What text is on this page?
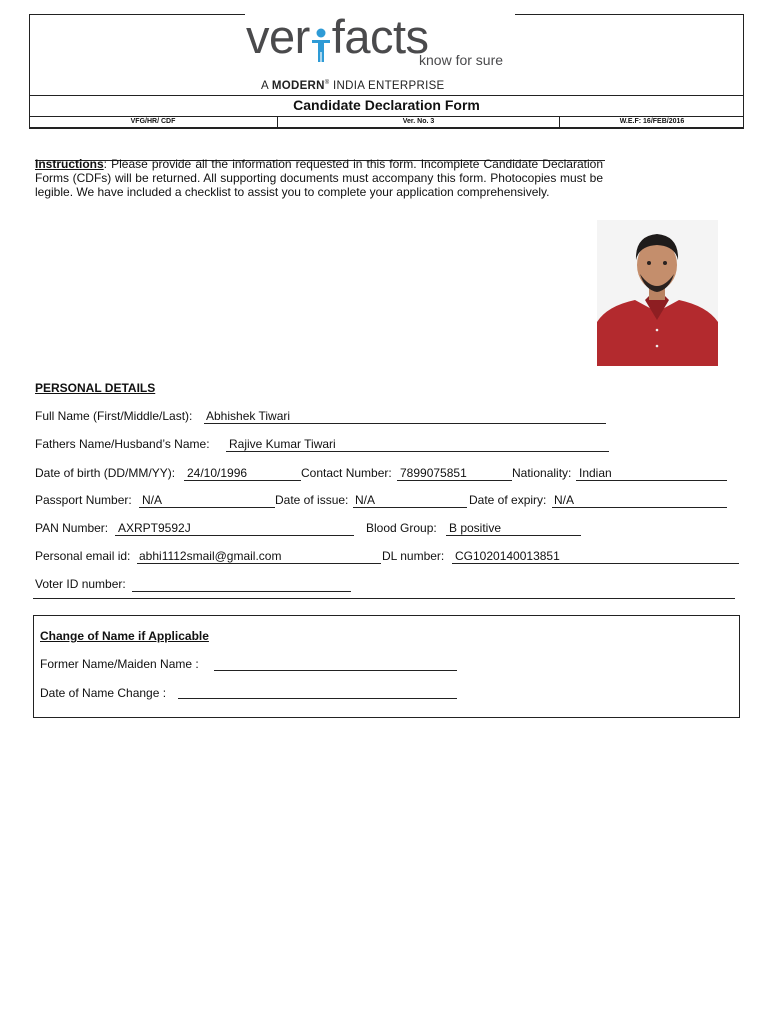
ver facts
know for sure
A MODERN® INDIA ENTERPRISE
Candidate Declaration Form
VFG/HR/ CDF	Ver. No. 3	W.E.F: 16/FEB/2016
Instructions: Please provide all the information requested in this form. Incomplete Candidate Declaration Forms (CDFs) will be returned. All supporting documents must accompany this form. Photocopies must be legible. We have included a checklist to assist you to complete your application comprehensively.
PERSONAL DETAILS
Full Name (First/Middle/Last): Abhishek Tiwari
Fathers Name/Husband’s Name: Rajive Kumar Tiwari
Date of birth (DD/MM/YY): 24/10/1996	Contact Number: 7899075851	Nationality: Indian
Passport Number: N/A	Date of issue: N/A	Date of expiry: N/A
PAN Number: AXRPT9592J	Blood Group: B positive
Personal email id: abhi1112smail@gmail.com	DL number: CG1020140013851
Voter ID number:
Change of Name if Applicable
Former Name/Maiden Name :
Date of Name Change :
